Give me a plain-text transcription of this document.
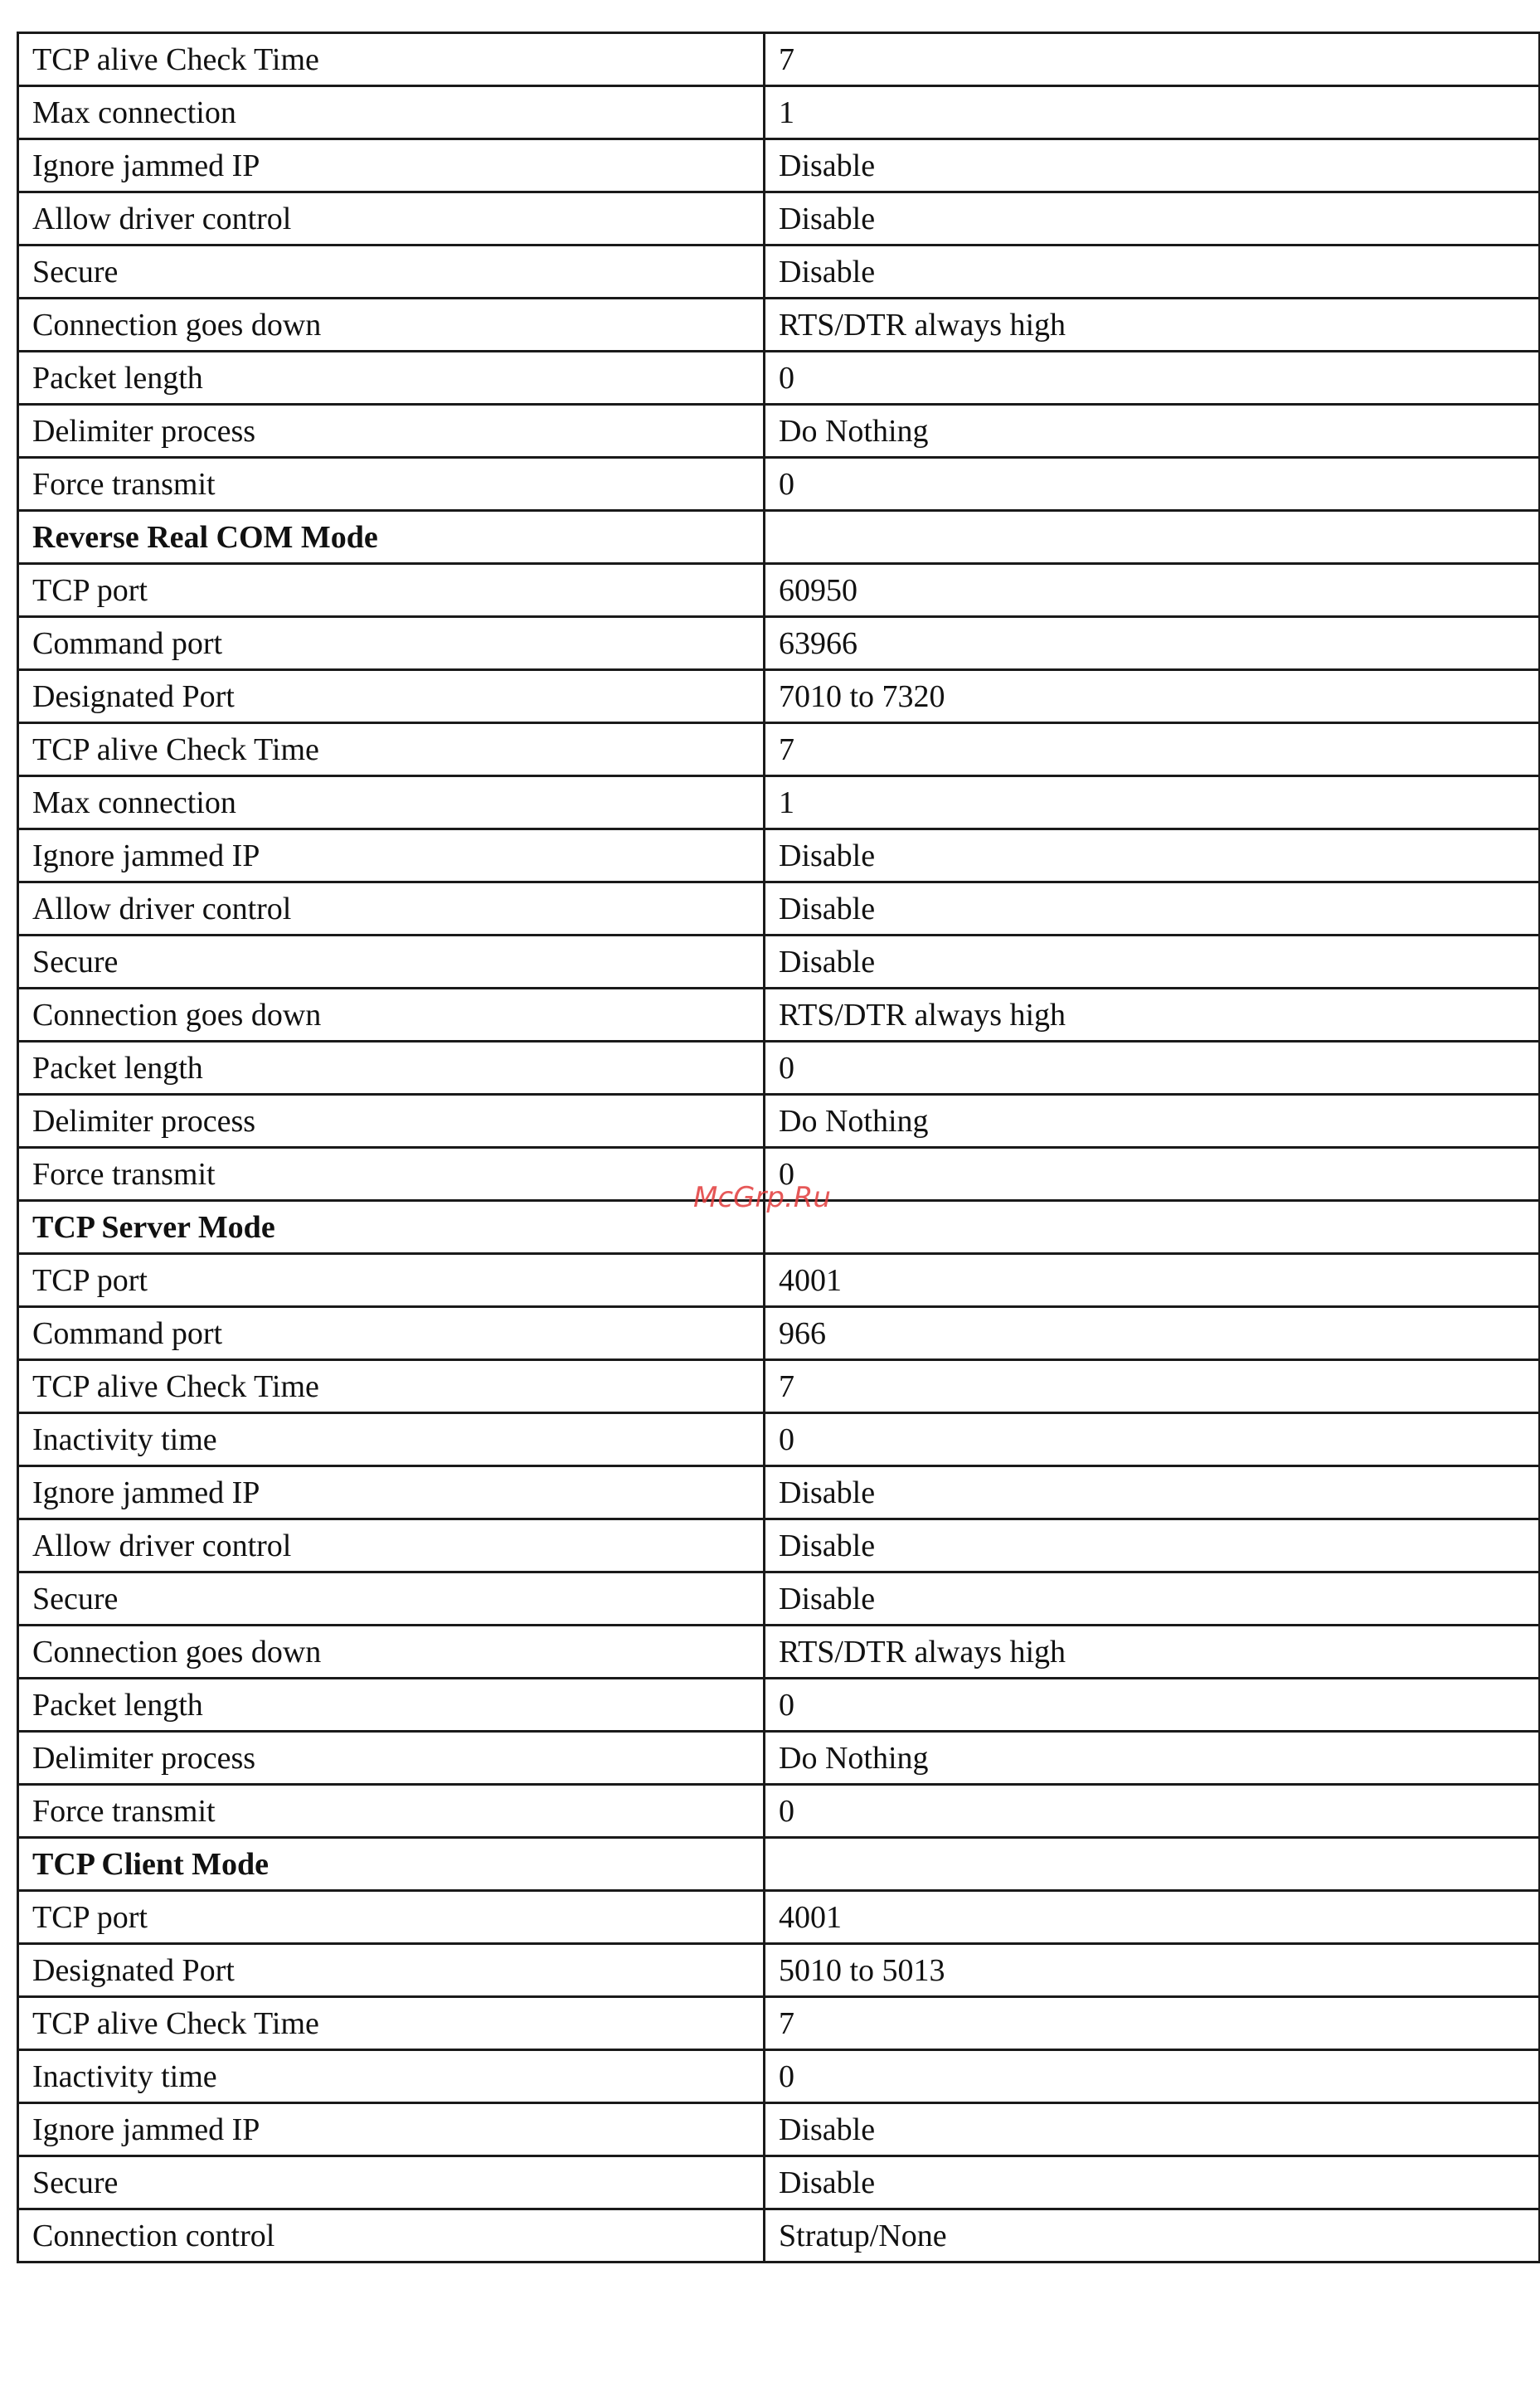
TCP alive Check Time	7
Max connection	1
Ignore jammed IP	Disable
Allow driver control	Disable
Secure	Disable
Connection goes down	RTS/DTR always high
Packet length	0
Delimiter process	Do Nothing
Force transmit	0
Reverse Real COM Mode	
TCP port	60950
Command port	63966
Designated Port	7010 to 7320
TCP alive Check Time	7
Max connection	1
Ignore jammed IP	Disable
Allow driver control	Disable
Secure	Disable
Connection goes down	RTS/DTR always high
Packet length	0
Delimiter process	Do Nothing
Force transmit	0
TCP Server Mode	
TCP port	4001
Command port	966
TCP alive Check Time	7
Inactivity time	0
Ignore jammed IP	Disable
Allow driver control	Disable
Secure	Disable
Connection goes down	RTS/DTR always high
Packet length	0
Delimiter process	Do Nothing
Force transmit	0
TCP Client Mode	
TCP port	4001
Designated Port	5010 to 5013
TCP alive Check Time	7
Inactivity time	0
Ignore jammed IP	Disable
Secure	Disable
Connection control	Stratup/None
McGrp.Ru
